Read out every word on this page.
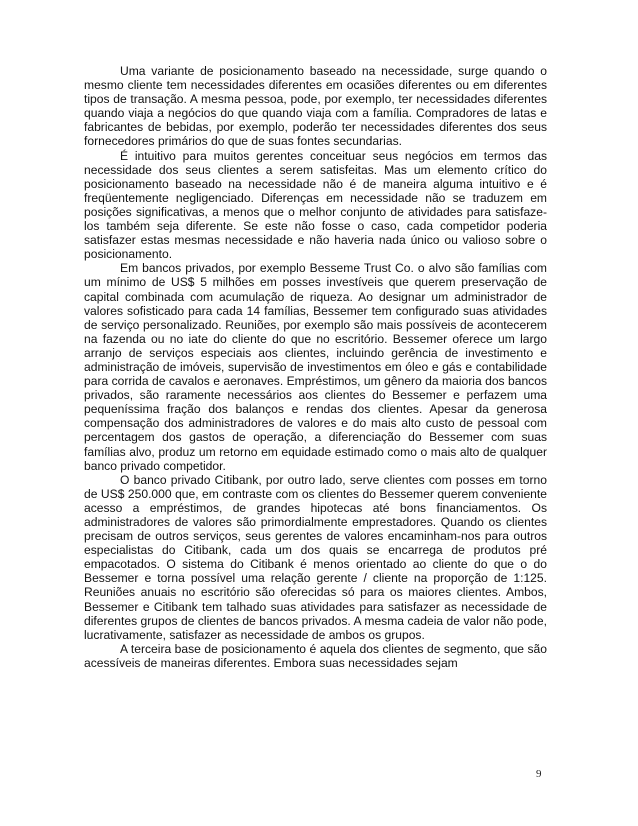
Uma variante de posicionamento baseado na necessidade, surge quando o mesmo cliente tem necessidades diferentes em ocasiões diferentes ou em diferentes tipos de transação. A mesma pessoa, pode, por exemplo, ter necessidades diferentes quando viaja a negócios do que quando viaja com a família. Compradores de latas e fabricantes de bebidas, por exemplo, poderão ter necessidades diferentes dos seus fornecedores primários do que de suas fontes secundarias.

É intuitivo para muitos gerentes conceituar seus negócios em termos das necessidade dos seus clientes a serem satisfeitas. Mas um elemento crítico do posicionamento baseado na necessidade não é de maneira alguma intuitivo e é freqüentemente negligenciado. Diferenças em necessidade não se traduzem em posições significativas, a menos que o melhor conjunto de atividades para satisfaze-los também seja diferente. Se este não fosse o caso, cada competidor poderia satisfazer estas mesmas necessidade e não haveria nada único ou valioso sobre o posicionamento.

Em bancos privados, por exemplo Besseme Trust Co. o alvo são famílias com um mínimo de US$ 5 milhões em posses investíveis que querem preservação de capital combinada com acumulação de riqueza. Ao designar um administrador de valores sofisticado para cada 14 famílias, Bessemer tem configurado suas atividades de serviço personalizado. Reuniões, por exemplo são mais possíveis de acontecerem na fazenda ou no iate do cliente do que no escritório. Bessemer oferece um largo arranjo de serviços especiais aos clientes, incluindo gerência de investimento e administração de imóveis, supervisão de investimentos em óleo e gás e contabilidade para corrida de cavalos e aeronaves. Empréstimos, um gênero da maioria dos bancos privados, são raramente necessários aos clientes do Bessemer e perfazem uma pequeníssima fração dos balanços e rendas dos clientes. Apesar da generosa compensação dos administradores de valores e do mais alto custo de pessoal com percentagem dos gastos de operação, a diferenciação do Bessemer com suas famílias alvo, produz um retorno em equidade estimado como o mais alto de qualquer banco privado competidor.

O banco privado Citibank, por outro lado, serve clientes com posses em torno de US$ 250.000 que, em contraste com os clientes do Bessemer querem conveniente acesso a empréstimos, de grandes hipotecas até bons financiamentos. Os administradores de valores são primordialmente emprestadores. Quando os clientes precisam de outros serviços, seus gerentes de valores encaminham-nos para outros especialistas do Citibank, cada um dos quais se encarrega de produtos pré empacotados. O sistema do Citibank é menos orientado ao cliente do que o do Bessemer e torna possível uma relação gerente / cliente na proporção de 1:125. Reuniões anuais no escritório são oferecidas só para os maiores clientes. Ambos, Bessemer e Citibank tem talhado suas atividades para satisfazer as necessidade de diferentes grupos de clientes de bancos privados. A mesma cadeia de valor não pode, lucrativamente, satisfazer as necessidade de ambos os grupos.

A terceira base de posicionamento é aquela dos clientes de segmento, que são acessíveis de maneiras diferentes. Embora suas necessidades sejam

9
